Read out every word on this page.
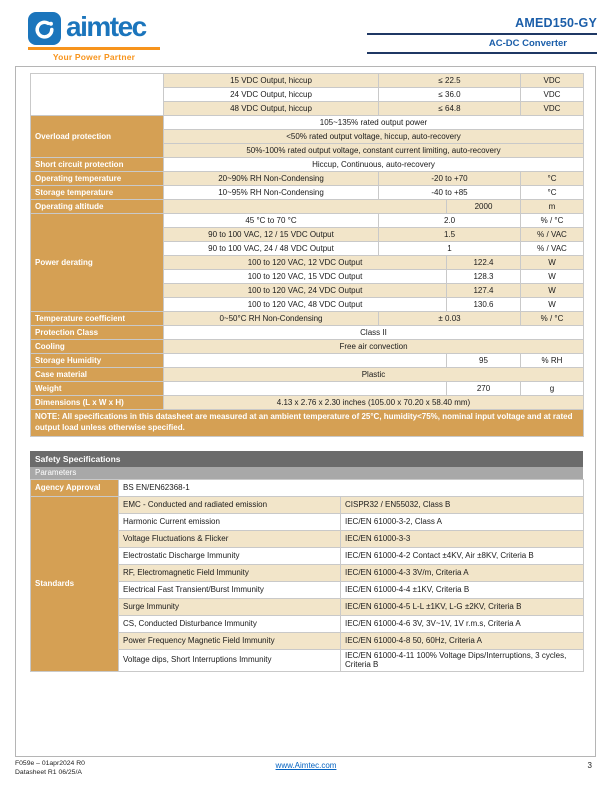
aimtec
Your Power Partner
AMED150-GY
AC-DC Converter
	15 VDC Output, hiccup	≤ 22.5		VDC
	24 VDC Output, hiccup	≤ 36.0		VDC
	48 VDC Output, hiccup	≤ 64.8		VDC
Overload protection	105~135% rated output power			
	<50% rated output voltage, hiccup, auto-recovery			
	50%-100% rated output voltage, constant current limiting, auto-recovery			
Short circuit protection	Hiccup, Continuous, auto-recovery			
Operating temperature	20~90% RH Non-Condensing	-20 to +70		°C
Storage temperature	10~95% RH Non-Condensing	-40 to +85		°C
Operating altitude			2000	m
Power derating	45 °C to 70 °C	2.0		% / °C
	90 to 100 VAC, 12 / 15 VDC Output	1.5		% / VAC
	90 to 100 VAC, 24 / 48 VDC Output	1		% / VAC
	100 to 120 VAC, 12 VDC Output		122.4	W
	100 to 120 VAC, 15 VDC Output		128.3	W
	100 to 120 VAC, 24 VDC Output		127.4	W
	100 to 120 VAC, 48 VDC Output		130.6	W
Temperature coefficient	0~50°C RH Non-Condensing	± 0.03		% / °C
Protection Class	Class II			
Cooling	Free air convection			
Storage Humidity			95	% RH
Case material	Plastic			
Weight			270	g
Dimensions (L x W x H)	4.13 x 2.76 x 2.30 inches (105.00 x 70.20 x 58.40 mm)			
NOTE: All specifications in this datasheet are measured at an ambient temperature of 25°C, humidity<75%, nominal input voltage and at rated output load unless otherwise specified.				
Safety Specifications
Parameters
Agency Approval	BS EN/EN62368-1	
Standards	EMC - Conducted and radiated emission	CISPR32 / EN55032, Class B
	Harmonic Current emission	IEC/EN 61000-3-2, Class A
	Voltage Fluctuations & Flicker	IEC/EN 61000-3-3
	Electrostatic Discharge Immunity	IEC/EN 61000-4-2 Contact ±4KV, Air ±8KV, Criteria B
	RF, Electromagnetic Field Immunity	IEC/EN 61000-4-3 3V/m, Criteria A
	Electrical Fast Transient/Burst Immunity	IEC/EN 61000-4-4 ±1KV, Criteria B
	Surge Immunity	IEC/EN 61000-4-5 L-L ±1KV, L-G ±2KV, Criteria B
	CS, Conducted Disturbance Immunity	IEC/EN 61000-4-6 3V, 3V~1V, 1V r.m.s, Criteria A
	Power Frequency Magnetic Field Immunity	IEC/EN 61000-4-8 50, 60Hz, Criteria A
	Voltage dips, Short Interruptions Immunity	IEC/EN 61000-4-11 100% Voltage Dips/Interruptions, 3 cycles, Criteria B
F059e – 01apr2024 R0
Datasheet R1 06/25/A
www.Aimtec.com	3
